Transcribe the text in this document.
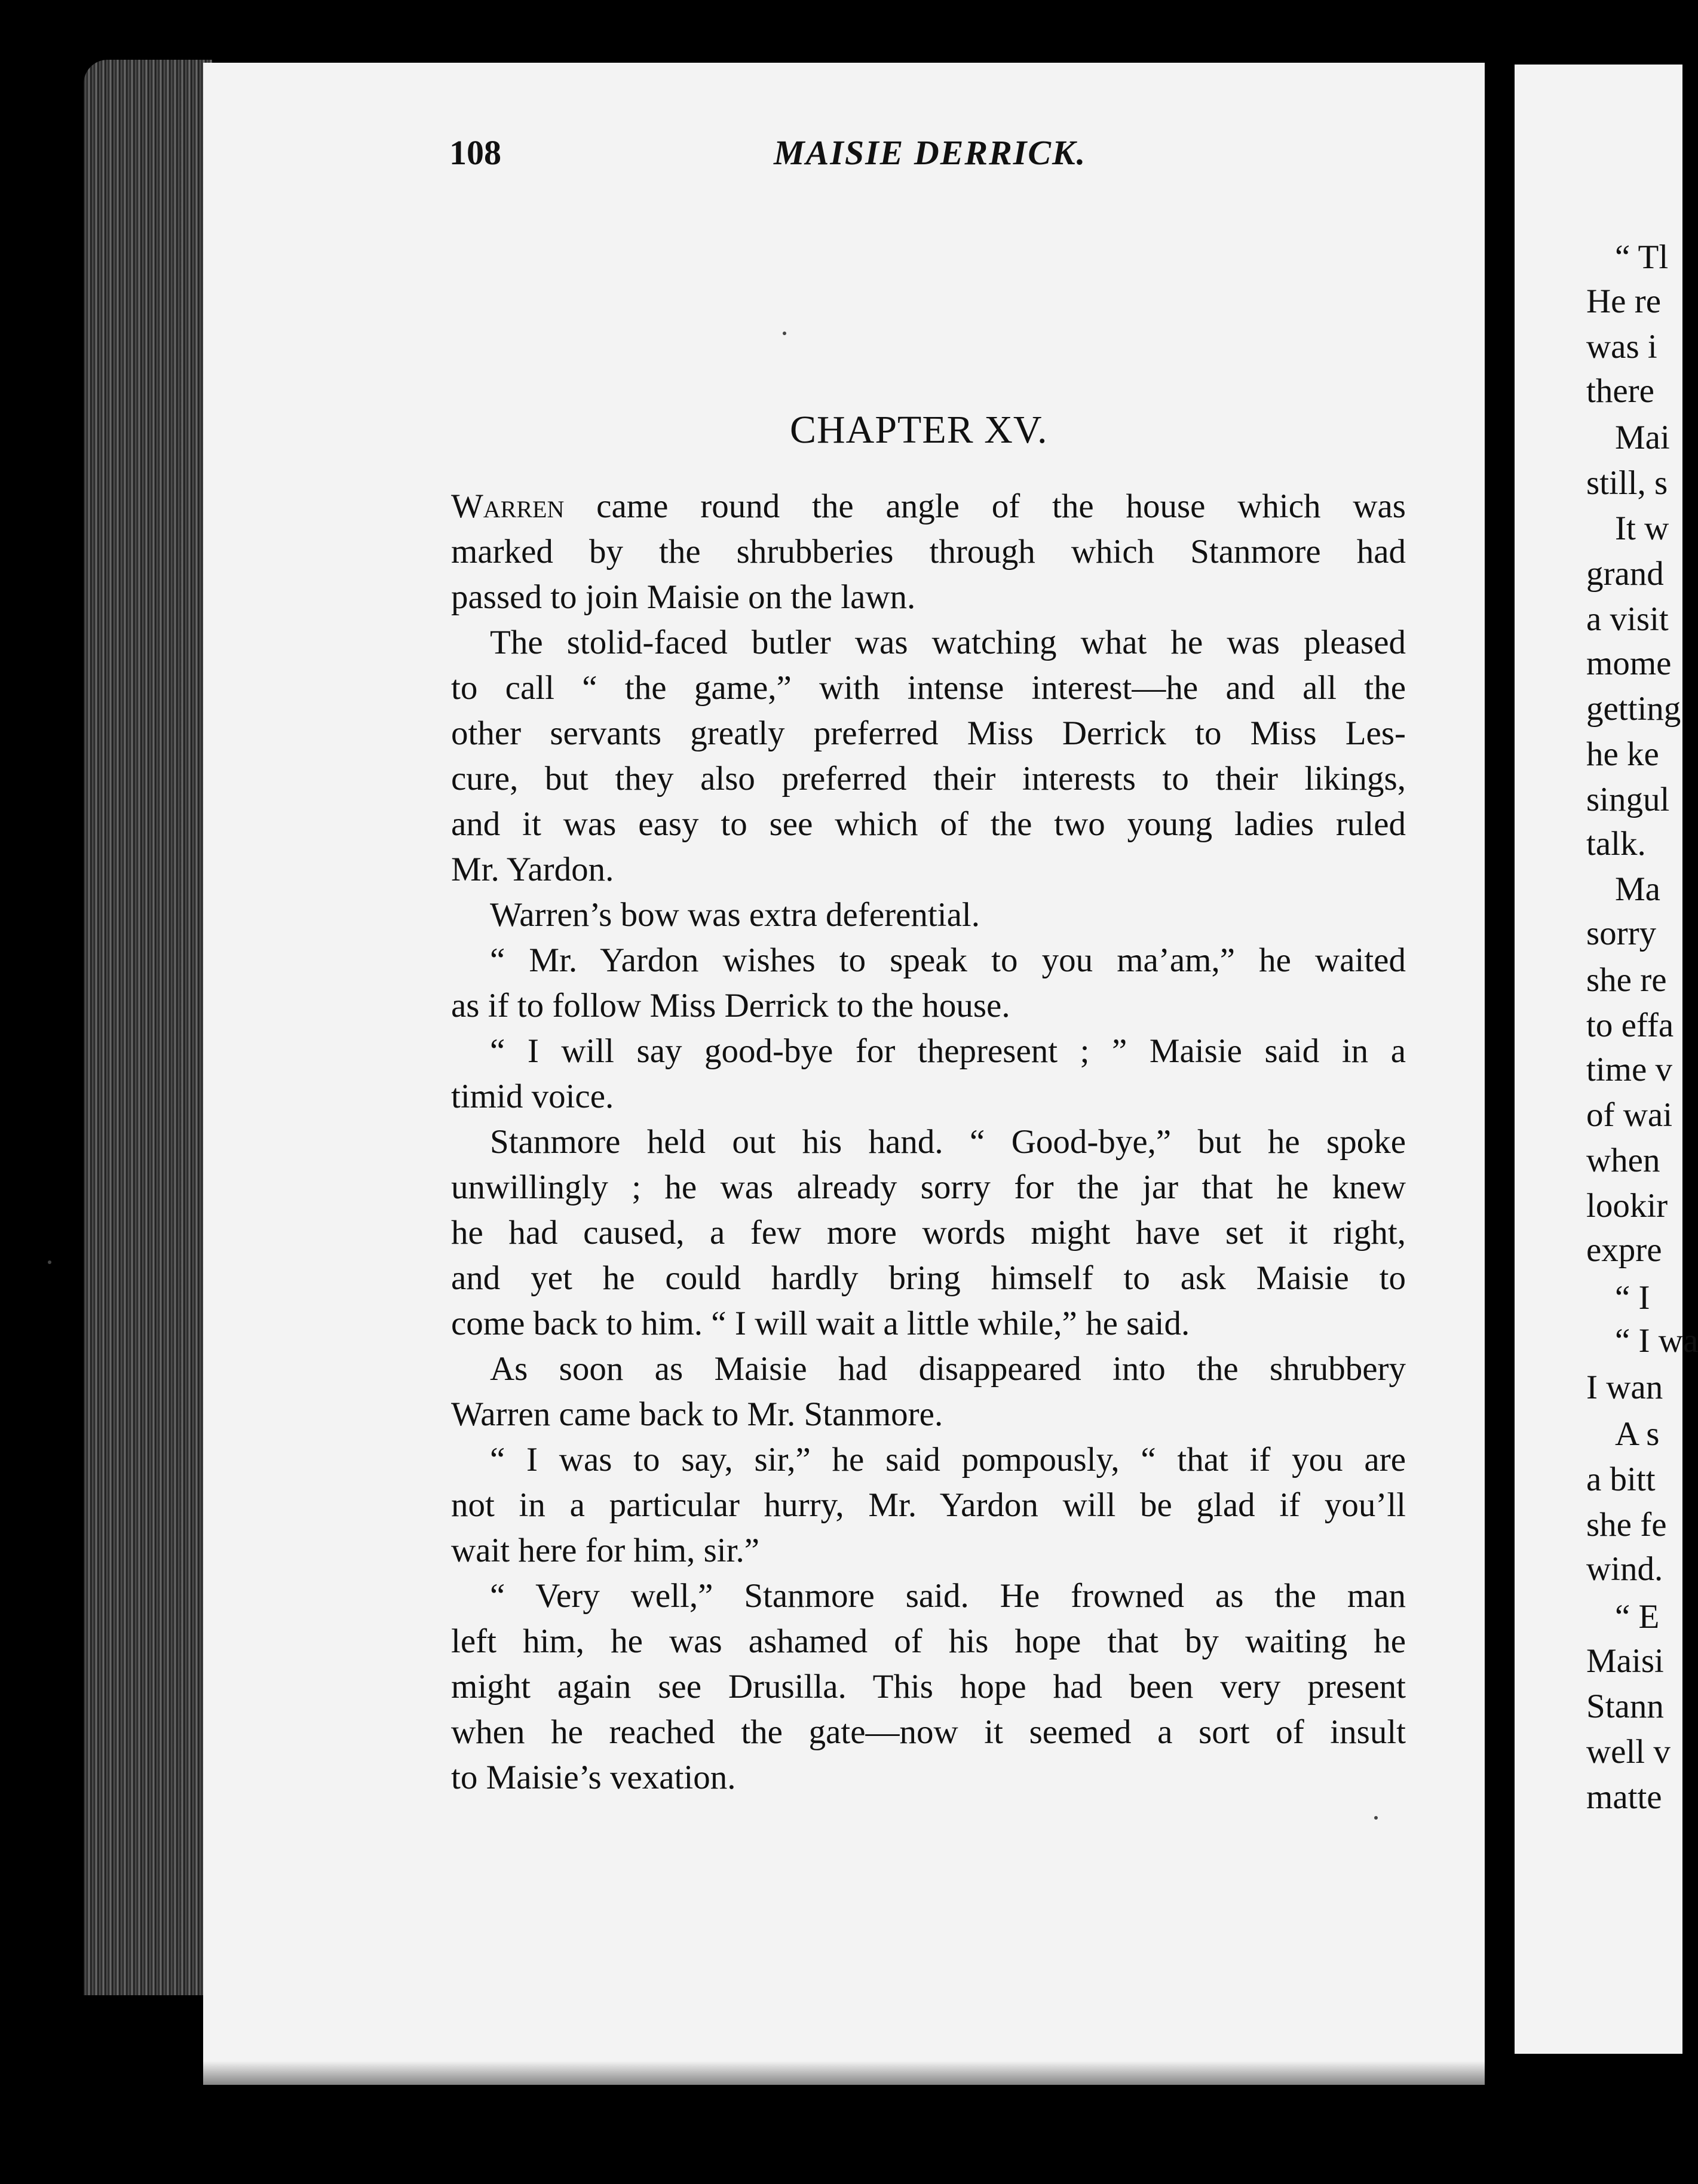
108	MAISIE DERRICK.
CHAPTER XV.
Warren came round the angle of the house which was
marked by the shrubberies through which Stanmore had
passed to join Maisie on the lawn.
The stolid-faced butler was watching what he was pleased
to call “ the game,” with intense interest—he and all the
other servants greatly preferred Miss Derrick to Miss Les-
cure, but they also preferred their interests to their likings,
and it was easy to see which of the two young ladies ruled
Mr. Yardon.
Warren’s bow was extra deferential.
“ Mr. Yardon wishes to speak to you ma’am,” he waited
as if to follow Miss Derrick to the house.
“ I will say good-bye for thepresent ; ” Maisie said in a
timid voice.
Stanmore held out his hand. “ Good-bye,” but he spoke
unwillingly ; he was already sorry for the jar that he knew
he had caused, a few more words might have set it right,
and yet he could hardly bring himself to ask Maisie to
come back to him. “ I will wait a little while,” he said.
As soon as Maisie had disappeared into the shrubbery
Warren came back to Mr. Stanmore.
“ I was to say, sir,” he said pompously, “ that if you are
not in a particular hurry, Mr. Yardon will be glad if you’ll
wait here for him, sir.”
“ Very well,” Stanmore said. He frowned as the man
left him, he was ashamed of his hope that by waiting he
might again see Drusilla. This hope had been very present
when he reached the gate—now it seemed a sort of insult
to Maisie’s vexation.
“ Tl
He re
was i
there
Mai
still, s
It w
grand
a visit
mome
getting
he ke
singul
talk.
Ma
sorry
she re
to effa
time v
of wai
when
lookir
expre
“ I
“ I wa
I wan
A s
a bitt
she fe
wind.
“ E
Maisi
Stann
well v
matte
